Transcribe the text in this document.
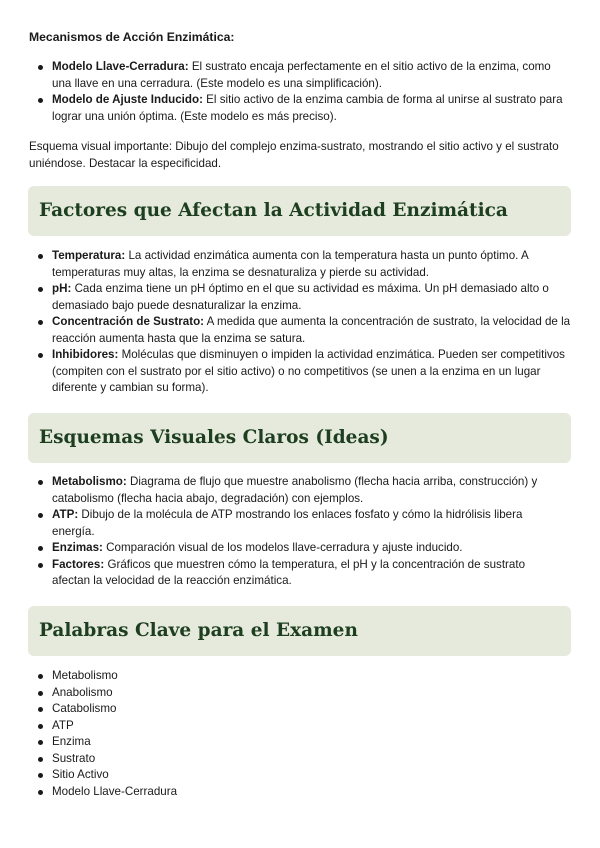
Mecanismos de Acción Enzimática:
Modelo Llave-Cerradura: El sustrato encaja perfectamente en el sitio activo de la enzima, como una llave en una cerradura. (Este modelo es una simplificación).
Modelo de Ajuste Inducido: El sitio activo de la enzima cambia de forma al unirse al sustrato para lograr una unión óptima. (Este modelo es más preciso).
Esquema visual importante: Dibujo del complejo enzima-sustrato, mostrando el sitio activo y el sustrato uniéndose. Destacar la especificidad.
Factores que Afectan la Actividad Enzimática
Temperatura: La actividad enzimática aumenta con la temperatura hasta un punto óptimo. A temperaturas muy altas, la enzima se desnaturaliza y pierde su actividad.
pH: Cada enzima tiene un pH óptimo en el que su actividad es máxima. Un pH demasiado alto o demasiado bajo puede desnaturalizar la enzima.
Concentración de Sustrato: A medida que aumenta la concentración de sustrato, la velocidad de la reacción aumenta hasta que la enzima se satura.
Inhibidores: Moléculas que disminuyen o impiden la actividad enzimática. Pueden ser competitivos (compiten con el sustrato por el sitio activo) o no competitivos (se unen a la enzima en un lugar diferente y cambian su forma).
Esquemas Visuales Claros (Ideas)
Metabolismo: Diagrama de flujo que muestre anabolismo (flecha hacia arriba, construcción) y catabolismo (flecha hacia abajo, degradación) con ejemplos.
ATP: Dibujo de la molécula de ATP mostrando los enlaces fosfato y cómo la hidrólisis libera energía.
Enzimas: Comparación visual de los modelos llave-cerradura y ajuste inducido.
Factores: Gráficos que muestren cómo la temperatura, el pH y la concentración de sustrato afectan la velocidad de la reacción enzimática.
Palabras Clave para el Examen
Metabolismo
Anabolismo
Catabolismo
ATP
Enzima
Sustrato
Sitio Activo
Modelo Llave-Cerradura
